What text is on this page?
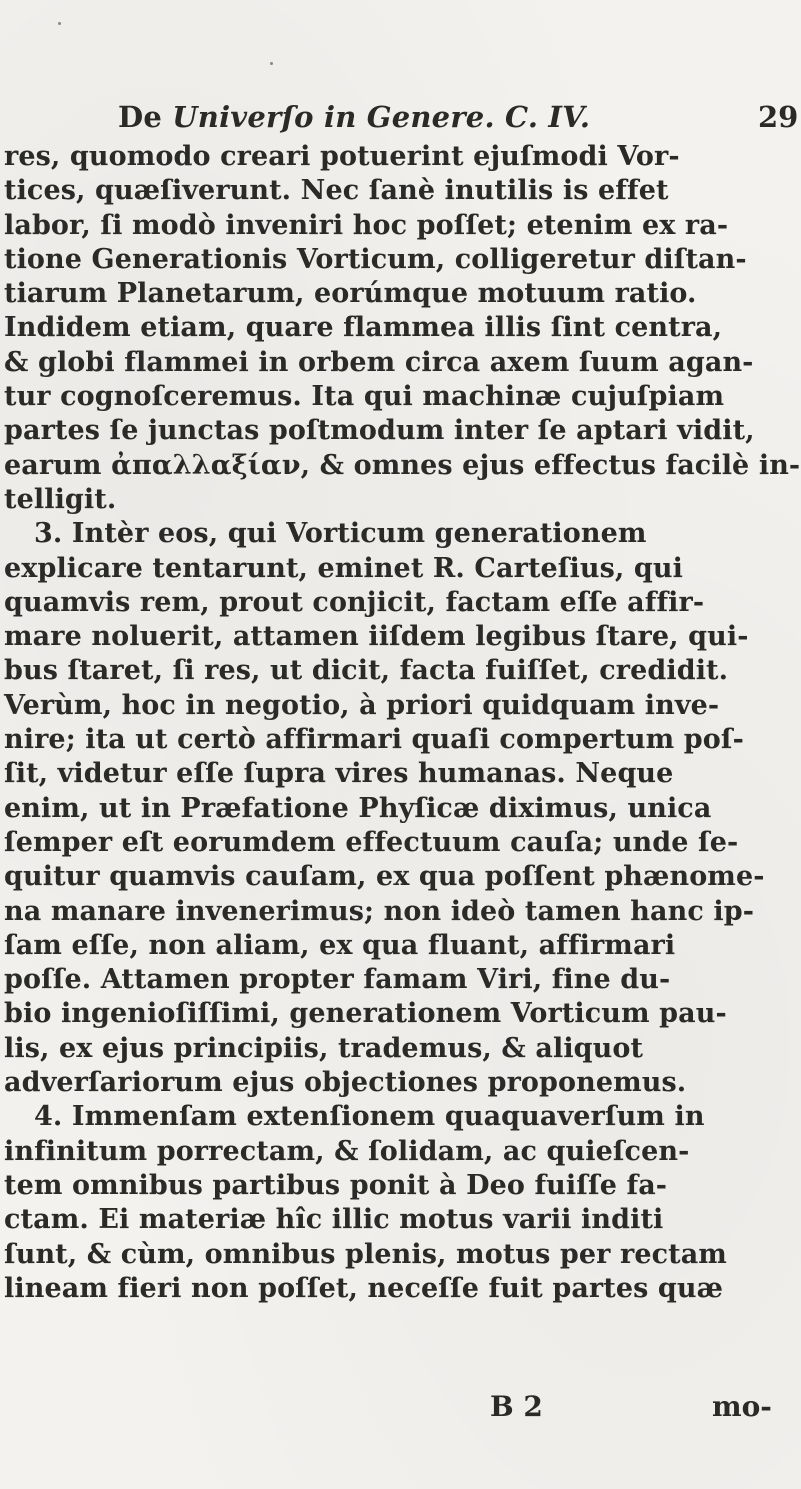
De Univerſo in Genere. C. IV.	29
res, quomodo creari potuerint ejuſmodi Vor-
tices, quæſiverunt. Nec ſanè inutilis is effet
labor, ſi modò inveniri hoc poſſet; etenim ex ra-
tione Generationis Vorticum, colligeretur diſtan-
tiarum Planetarum, eorúmque motuum ratio.
Indidem etiam, quare flammea illis ſint centra,
& globi flammei in orbem circa axem ſuum agan-
tur cognoſceremus. Ita qui machinæ cujuſpiam
partes ſe junctas poſtmodum inter ſe aptari vidit,
earum ἀπαλλαξίαν, & omnes ejus effectus facilè in-
telligit.
3. Intèr eos, qui Vorticum generationem
explicare tentarunt, eminet R. Carteſius, qui
quamvis rem, prout conjicit, factam eſſe affir-
mare noluerit, attamen iiſdem legibus ſtare, qui-
bus ſtaret, ſi res, ut dicit, facta fuiſſet, credidit.
Verùm, hoc in negotio, à priori quidquam inve-
nire; ita ut certò affirmari quaſi compertum poſ-
ſit, videtur eſſe ſupra vires humanas. Neque
enim, ut in Præfatione Phyſicæ diximus, unica
ſemper eſt eorumdem effectuum cauſa; unde ſe-
quitur quamvis cauſam, ex qua poſſent phænome-
na manare invenerimus; non ideò tamen hanc ip-
ſam eſſe, non aliam, ex qua fluant, affirmari
poſſe. Attamen propter famam Viri, fine du-
bio ingenioſiſſimi, generationem Vorticum pau-
lis, ex ejus principiis, trademus, & aliquot
adverſariorum ejus objectiones proponemus.
4. Immenſam extenſionem quaquaverſum in
infinitum porrectam, & ſolidam, ac quieſcen-
tem omnibus partibus ponit à Deo fuiſſe fa-
ctam. Ei materiæ hîc illic motus varii inditi
ſunt, & cùm, omnibus plenis, motus per rectam
lineam fieri non poſſet, neceſſe fuit partes quæ
B 2	mo-
